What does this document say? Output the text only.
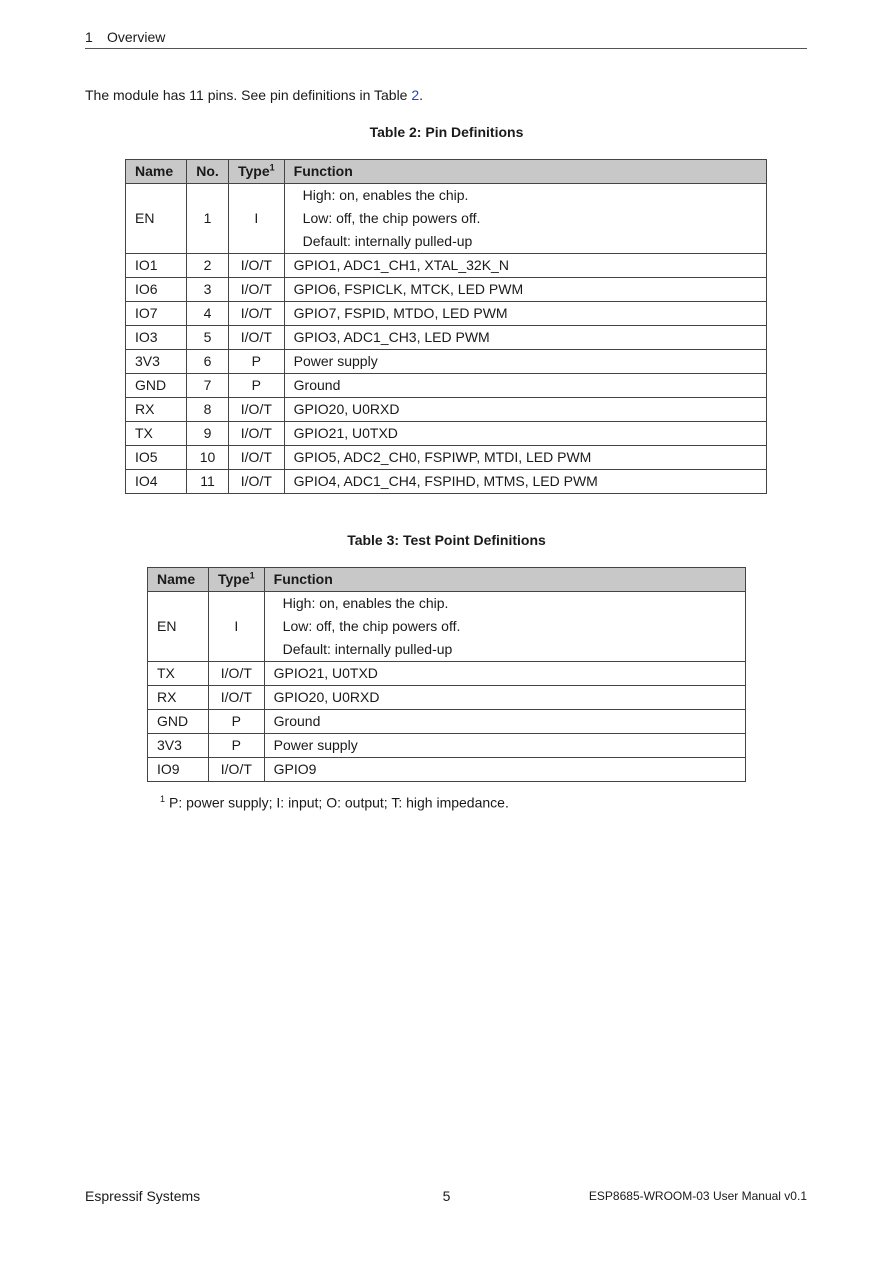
1 Overview
The module has 11 pins. See pin definitions in Table 2.
Table 2: Pin Definitions
Name	No.	Type$^1$	Function
EN	1	I	High: on, enables the chip.
Low: off, the chip powers off.
Default: internally pulled-up

IO1	2	I/O/T	GPIO1, ADC1_CH1, XTAL_32K_N
IO6	3	I/O/T	GPIO6, FSPICLK, MTCK, LED PWM
IO7	4	I/O/T	GPIO7, FSPID, MTDO, LED PWM
IO3	5	I/O/T	GPIO3, ADC1_CH3, LED PWM
3V3	6	P	Power supply
GND	7	P	Ground
RX	8	I/O/T	GPIO20, U0RXD
TX	9	I/O/T	GPIO21, U0TXD
IO5	10	I/O/T	GPIO5, ADC2_CH0, FSPIWP, MTDI, LED PWM
IO4	11	I/O/T	GPIO4, ADC1_CH4, FSPIHD, MTMS, LED PWM
Table 3: Test Point Definitions
Name	Type$^1$	Function
EN	I	High: on, enables the chip.
Low: off, the chip powers off.
Default: internally pulled-up

TX	I/O/T	GPIO21, U0TXD
RX	I/O/T	GPIO20, U0RXD
GND	P	Ground
3V3	P	Power supply
IO9	I/O/T	GPIO9
$^1$ P: power supply; I: input; O: output; T: high impedance.
Espressif Systems	5	ESP8685-WROOM-03 User Manual v0.1
